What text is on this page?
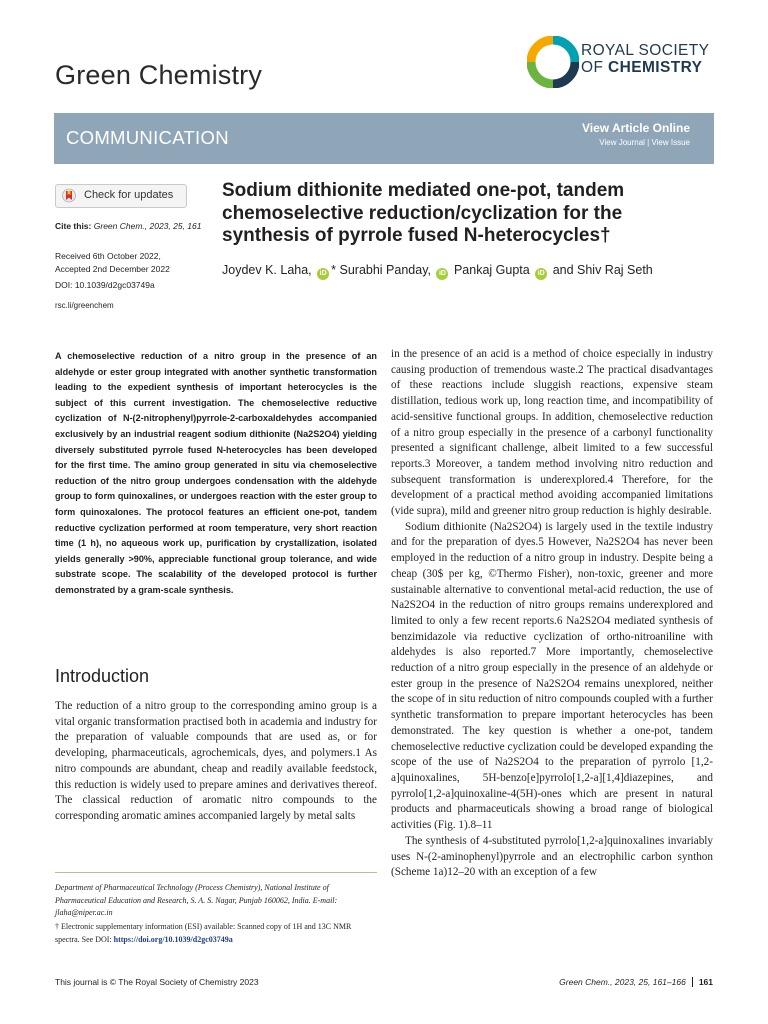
Green Chemistry
ROYAL SOCIETY
OF CHEMISTRY
COMMUNICATION	View Article Online
View Journal | View Issue
Check for updates
Cite this: Green Chem., 2023, 25, 161
Received 6th October 2022,
Accepted 2nd December 2022
DOI: 10.1039/d2gc03749a
rsc.li/greenchem
Sodium dithionite mediated one-pot, tandem chemoselective reduction/cyclization for the synthesis of pyrrole fused N-heterocycles†
Joydev K. Laha, iD * Surabhi Panday, iD Pankaj Gupta iD and Shiv Raj Seth
A chemoselective reduction of a nitro group in the presence of an aldehyde or ester group integrated with another synthetic transformation leading to the expedient synthesis of important heterocycles is the subject of this current investigation. The chemoselective reductive cyclization of N-(2-nitrophenyl)pyrrole-2-carboxaldehydes accompanied exclusively by an industrial reagent sodium dithionite (Na2S2O4) yielding diversely substituted pyrrole fused N-heterocycles has been developed for the first time. The amino group generated in situ via chemoselective reduction of the nitro group undergoes condensation with the aldehyde group to form quinoxalines, or undergoes reaction with the ester group to form quinoxalones. The protocol features an efficient one-pot, tandem reductive cyclization performed at room temperature, very short reaction time (1 h), no aqueous work up, purification by crystallization, isolated yields generally >90%, appreciable functional group tolerance, and wide substrate scope. The scalability of the developed protocol is further demonstrated by a gram-scale synthesis.
Introduction
The reduction of a nitro group to the corresponding amino group is a vital organic transformation practised both in academia and industry for the preparation of valuable compounds that are used as, or for developing, pharmaceuticals, agrochemicals, dyes, and polymers.1 As nitro compounds are abundant, cheap and readily available feedstock, this reduction is widely used to prepare amines and derivatives thereof. The classical reduction of aromatic nitro compounds to the corresponding aromatic amines accompanied largely by metal salts
in the presence of an acid is a method of choice especially in industry causing production of tremendous waste.2 The practical disadvantages of these reactions include sluggish reactions, expensive steam distillation, tedious work up, long reaction time, and incompatibility of acid-sensitive functional groups. In addition, chemoselective reduction of a nitro group especially in the presence of a carbonyl functionality presented a significant challenge, albeit limited to a few successful reports.3 Moreover, a tandem method involving nitro reduction and subsequent transformation is underexplored.4 Therefore, for the development of a practical method avoiding accompanied limitations (vide supra), mild and greener nitro group reduction is highly desirable.
Sodium dithionite (Na2S2O4) is largely used in the textile industry and for the preparation of dyes.5 However, Na2S2O4 has never been employed in the reduction of a nitro group in industry. Despite being a cheap (30$ per kg, ©Thermo Fisher), non-toxic, greener and more sustainable alternative to conventional metal-acid reduction, the use of Na2S2O4 in the reduction of nitro groups remains underexplored and limited to only a few recent reports.6 Na2S2O4 mediated synthesis of benzimidazole via reductive cyclization of ortho-nitroaniline with aldehydes is also reported.7 More importantly, chemoselective reduction of a nitro group especially in the presence of an aldehyde or ester group in the presence of Na2S2O4 remains unexplored, neither the scope of in situ reduction of nitro compounds coupled with a further synthetic transformation to prepare important heterocycles has been demonstrated. The key question is whether a one-pot, tandem chemoselective reductive cyclization could be developed expanding the scope of the use of Na2S2O4 to the preparation of pyrrolo [1,2-a]quinoxalines, 5H-benzo[e]pyrrolo[1,2-a][1,4]diazepines, and pyrrolo[1,2-a]quinoxaline-4(5H)-ones which are present in natural products and pharmaceuticals showing a broad range of biological activities (Fig. 1).8–11
The synthesis of 4-substituted pyrrolo[1,2-a]quinoxalines invariably uses N-(2-aminophenyl)pyrrole and an electrophilic carbon synthon (Scheme 1a)12–20 with an exception of a few
Department of Pharmaceutical Technology (Process Chemistry), National Institute of Pharmaceutical Education and Research, S. A. S. Nagar, Punjab 160062, India. E-mail: jlaha@niper.ac.in
† Electronic supplementary information (ESI) available: Scanned copy of 1H and 13C NMR spectra. See DOI: https://doi.org/10.1039/d2gc03749a
This journal is © The Royal Society of Chemistry 2023	Green Chem., 2023, 25, 161–166 161
